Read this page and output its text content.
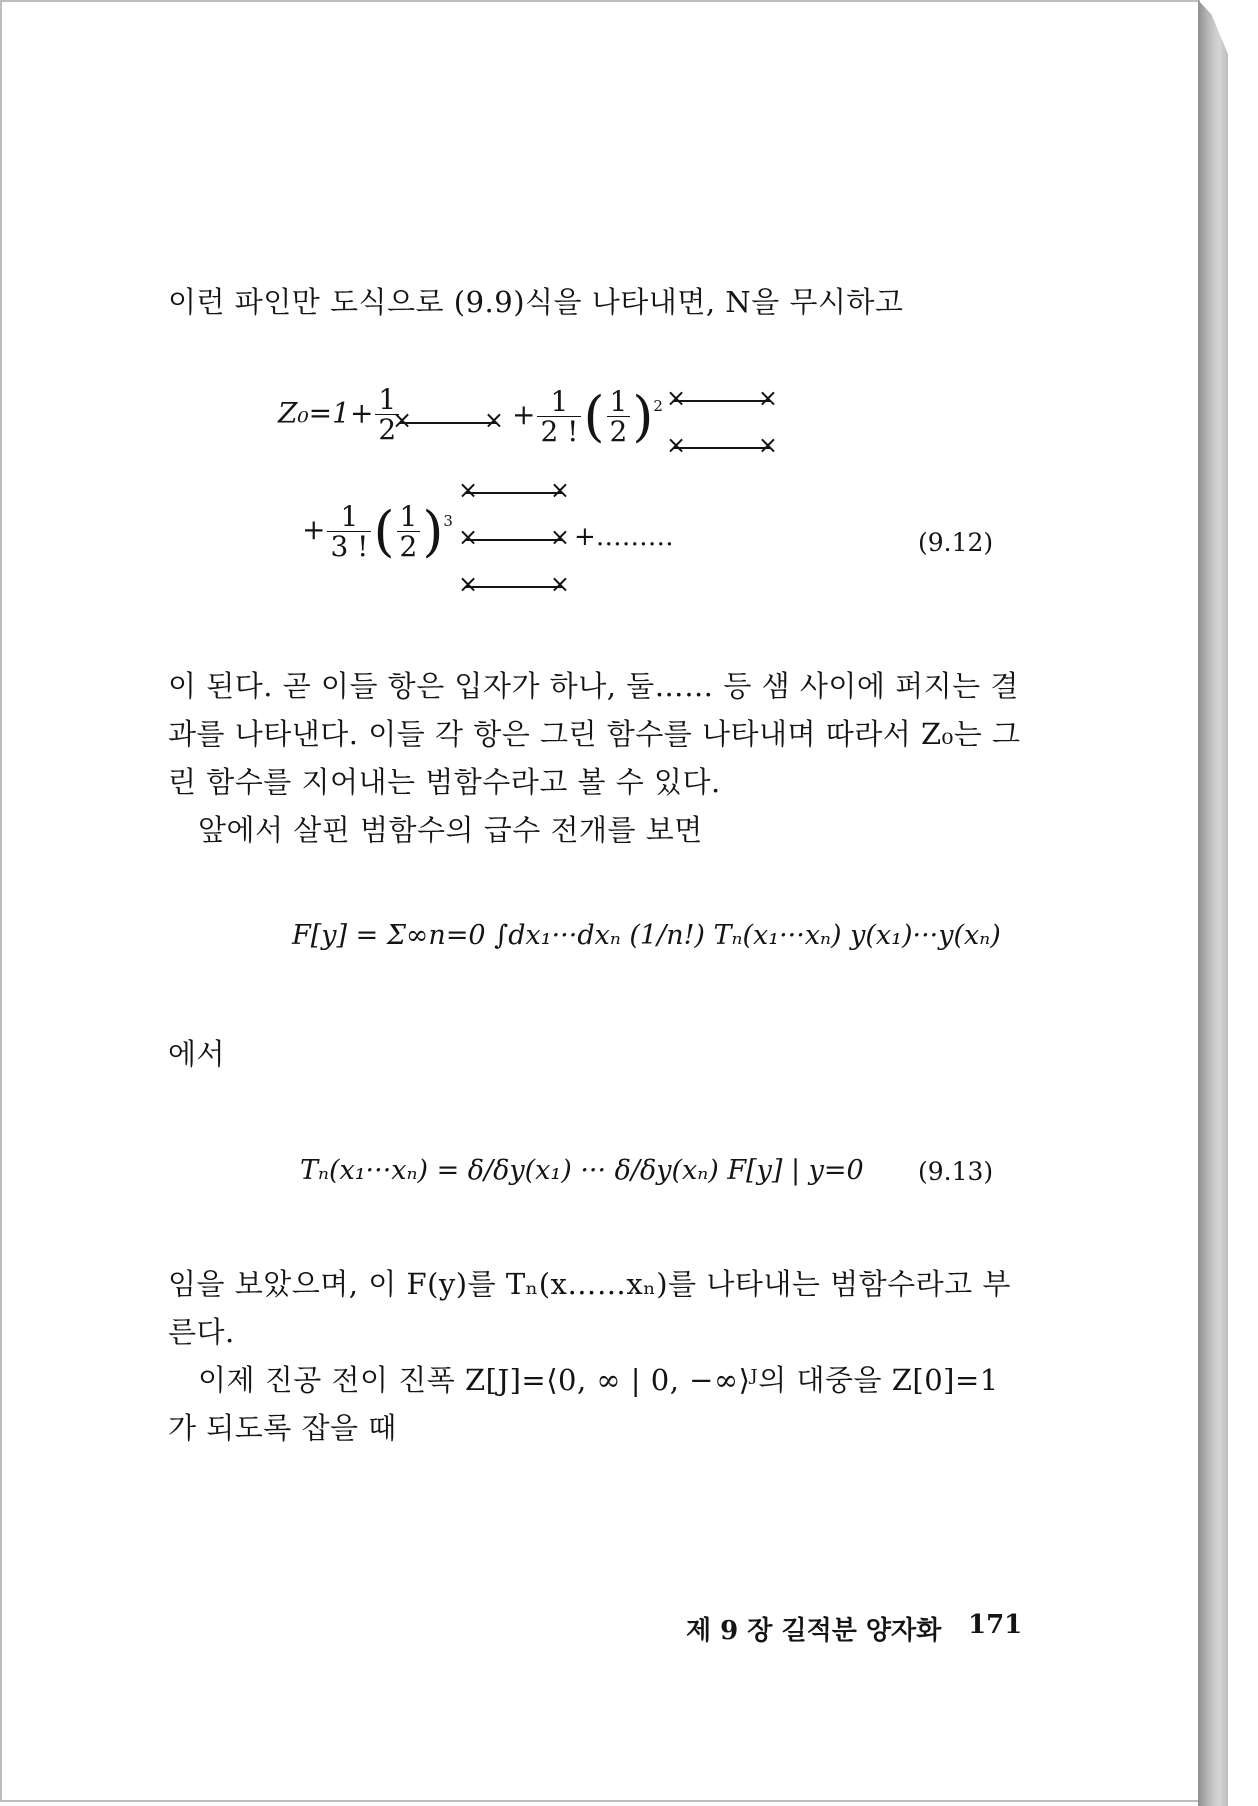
이런 파인만 도식으로 (9.9)식을 나타내면, N을 무시하고
$Z_0=1+ \frac{1}{2}$
×	× + $\frac{1}{2 !}$ ( $\frac{1}{2} )^2$ ×	×
×	×
+ $\frac{1}{3 !}$ ( $\frac{1}{2} )^3$
×	×
×	×
×	×
+………	(9.12)
이 된다. 곧 이들 항은 입자가 하나, 둘…… 등 샘 사이에 퍼지는 결
과를 나타낸다. 이들 각 항은 그린 함수를 나타내며 따라서 Z₀는 그
린 함수를 지어내는 범함수라고 볼 수 있다.
앞에서 살핀 범함수의 급수 전개를 보면
F[y] = Σ∞n=0 ∫dx₁···dxₙ (1/n!) Tₙ(x₁···xₙ) y(x₁)···y(xₙ)
에서
Tₙ(x₁···xₙ) = δ/δy(x₁) ··· δ/δy(xₙ) F[y] | y=0 (9.13)
임을 보았으며, 이 F(y)를 Tₙ(x……xₙ)를 나타내는 범함수라고 부
른다.
이제 진공 전이 진폭 Z[J]=⟨0, ∞ | 0, −∞⟩ᴶ의 대중을 Z[0]=1
가 되도록 잡을 때
제 9 장 길적분 양자화 171
